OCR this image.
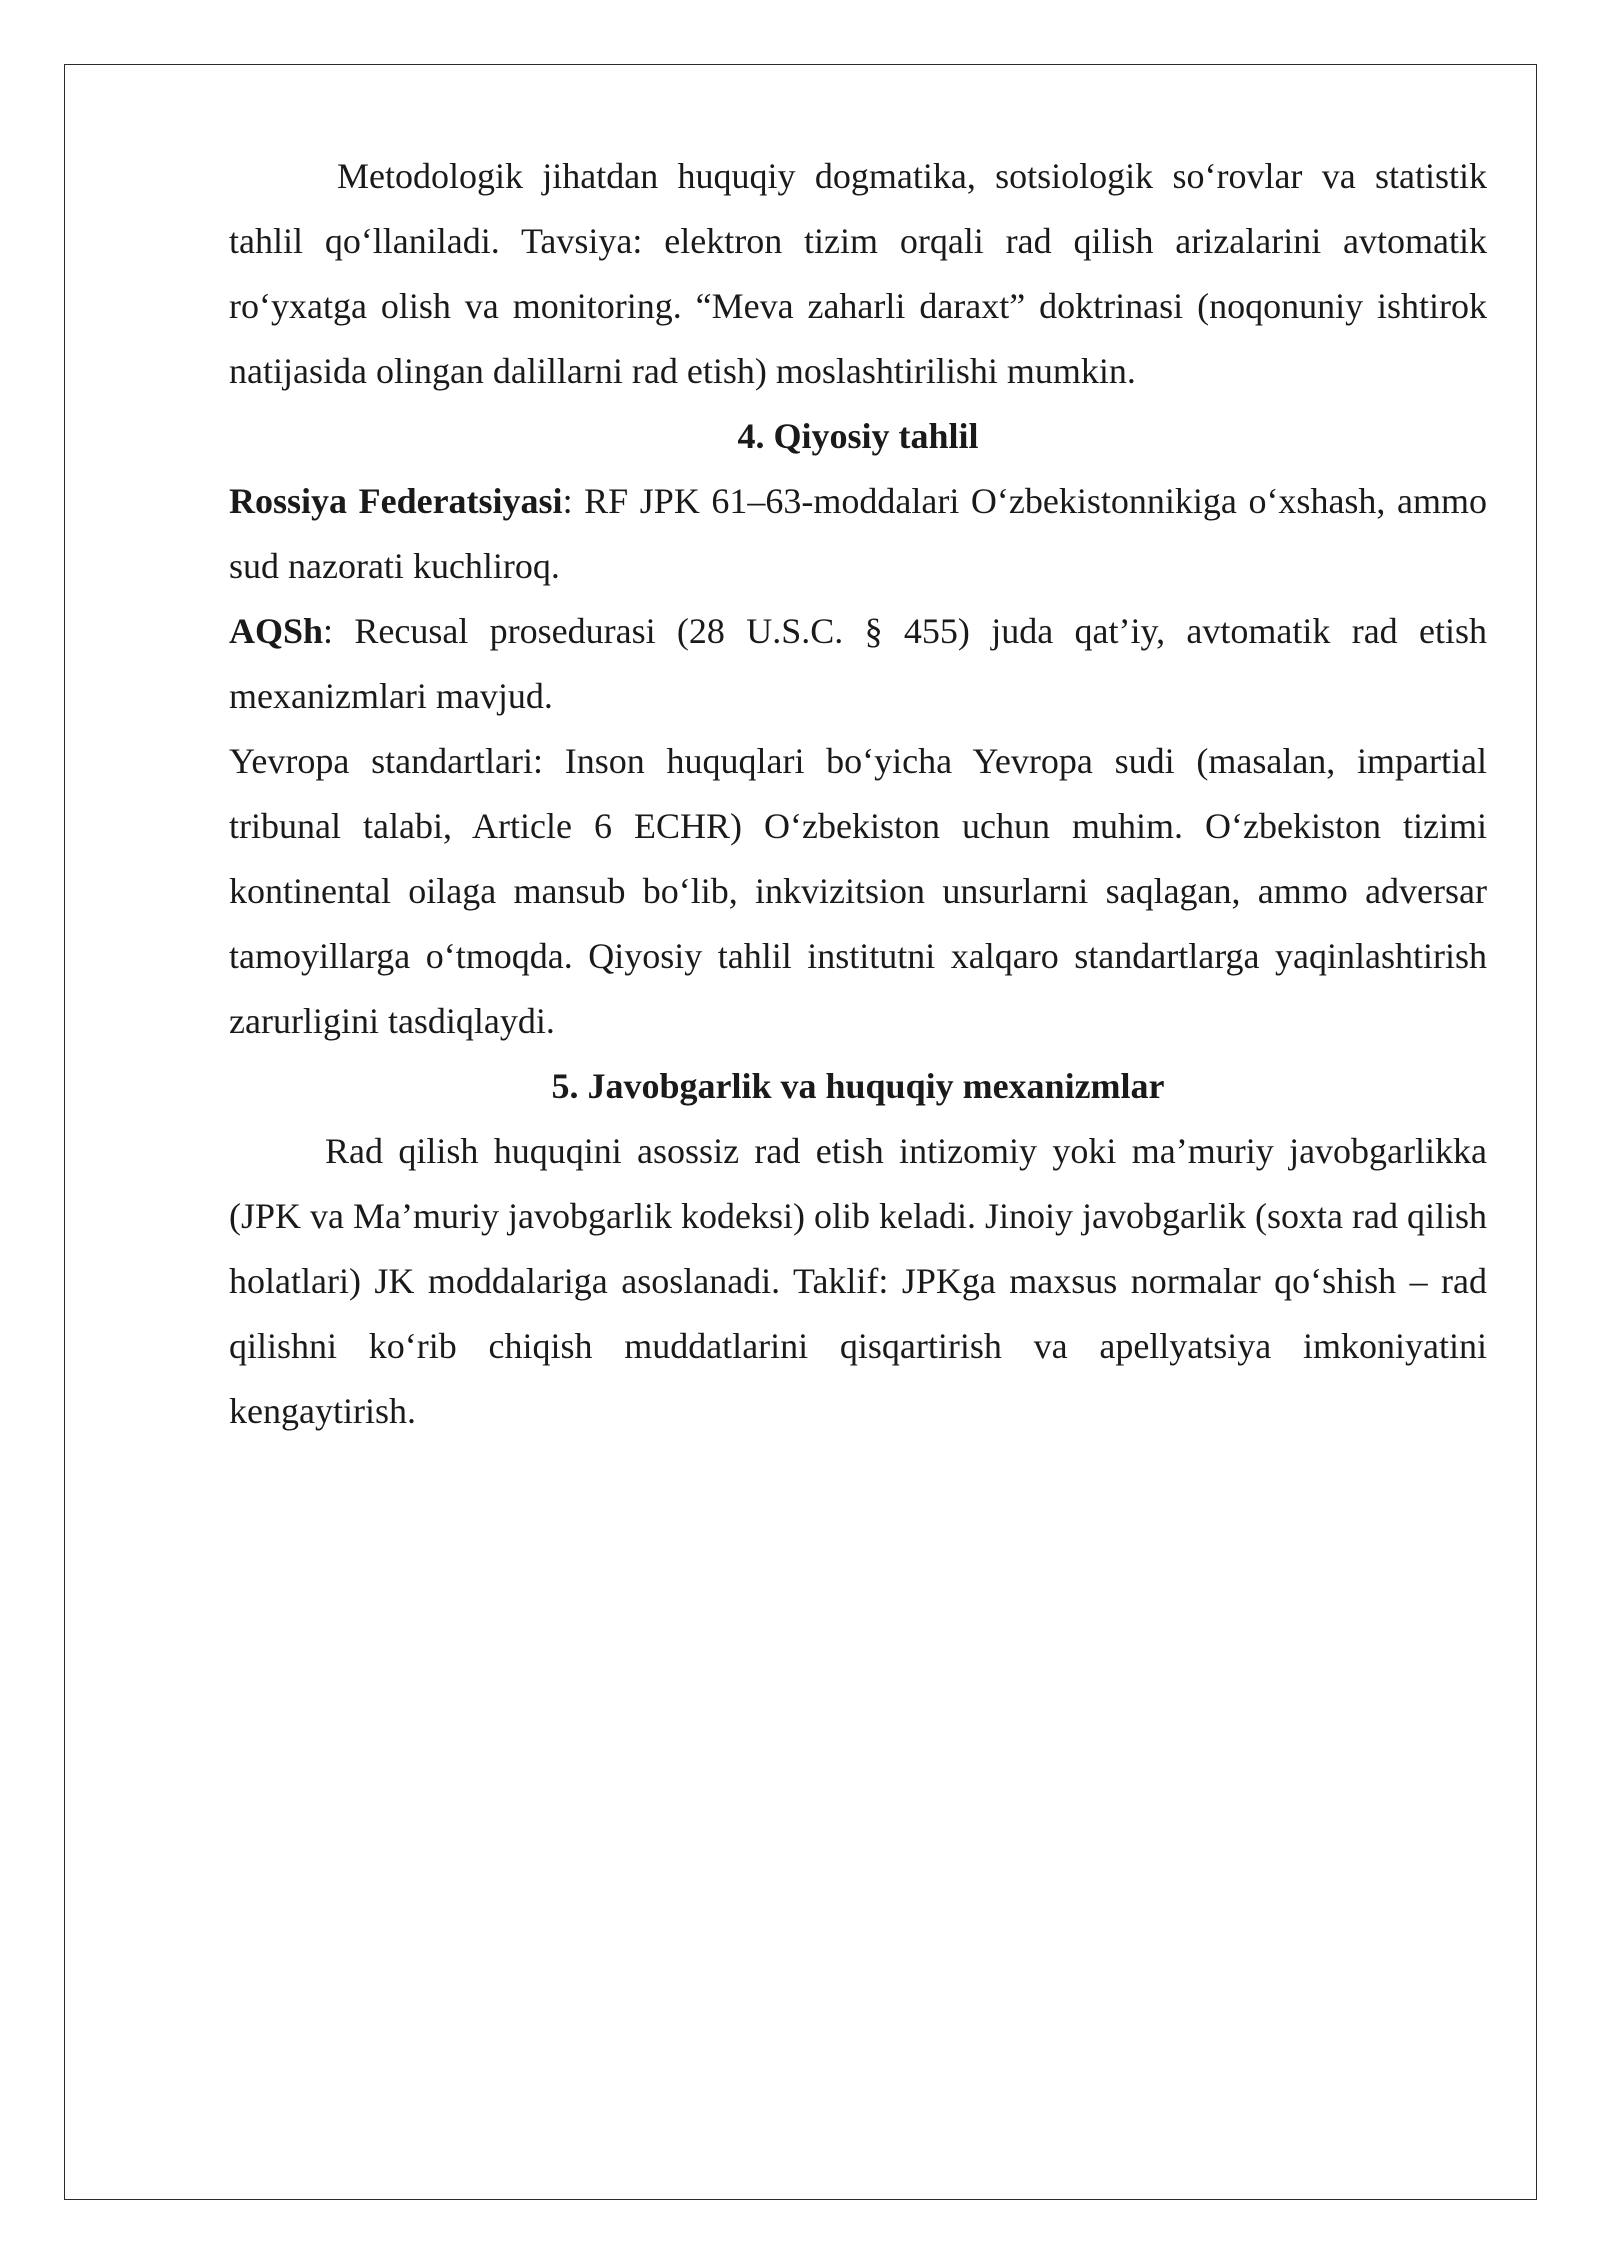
Metodologik jihatdan huquqiy dogmatika, sotsiologik so‘rovlar va statistik tahlil qo‘llaniladi. Tavsiya: elektron tizim orqali rad qilish arizalarini avtomatik ro‘yxatga olish va monitoring. “Meva zaharli daraxt” doktrinasi (noqonuniy ishtirok natijasida olingan dalillarni rad etish) moslashtirilishi mumkin.

4. Qiyosiy tahlil

Rossiya Federatsiyasi: RF JPK 61–63-moddalari O‘zbekistonnikiga o‘xshash, ammo sud nazorati kuchliroq.

AQSh: Recusal prosedurasi (28 U.S.C. § 455) juda qat’iy, avtomatik rad etish mexanizmlari mavjud.

Yevropa standartlari: Inson huquqlari bo‘yicha Yevropa sudi (masalan, impartial tribunal talabi, Article 6 ECHR) O‘zbekiston uchun muhim. O‘zbekiston tizimi kontinental oilaga mansub bo‘lib, inkvizitsion unsurlarni saqlagan, ammo adversar tamoyillarga o‘tmoqda. Qiyosiy tahlil institutni xalqaro standartlarga yaqinlashtirish zarurligini tasdiqlaydi.

5. Javobgarlik va huquqiy mexanizmlar

Rad qilish huquqini asossiz rad etish intizomiy yoki ma’muriy javobgarlikka (JPK va Ma’muriy javobgarlik kodeksi) olib keladi. Jinoiy javobgarlik (soxta rad qilish holatlari) JK moddalariga asoslanadi. Taklif: JPKga maxsus normalar qo‘shish – rad qilishni ko‘rib chiqish muddatlarini qisqartirish va apellyatsiya imkoniyatini kengaytirish.
